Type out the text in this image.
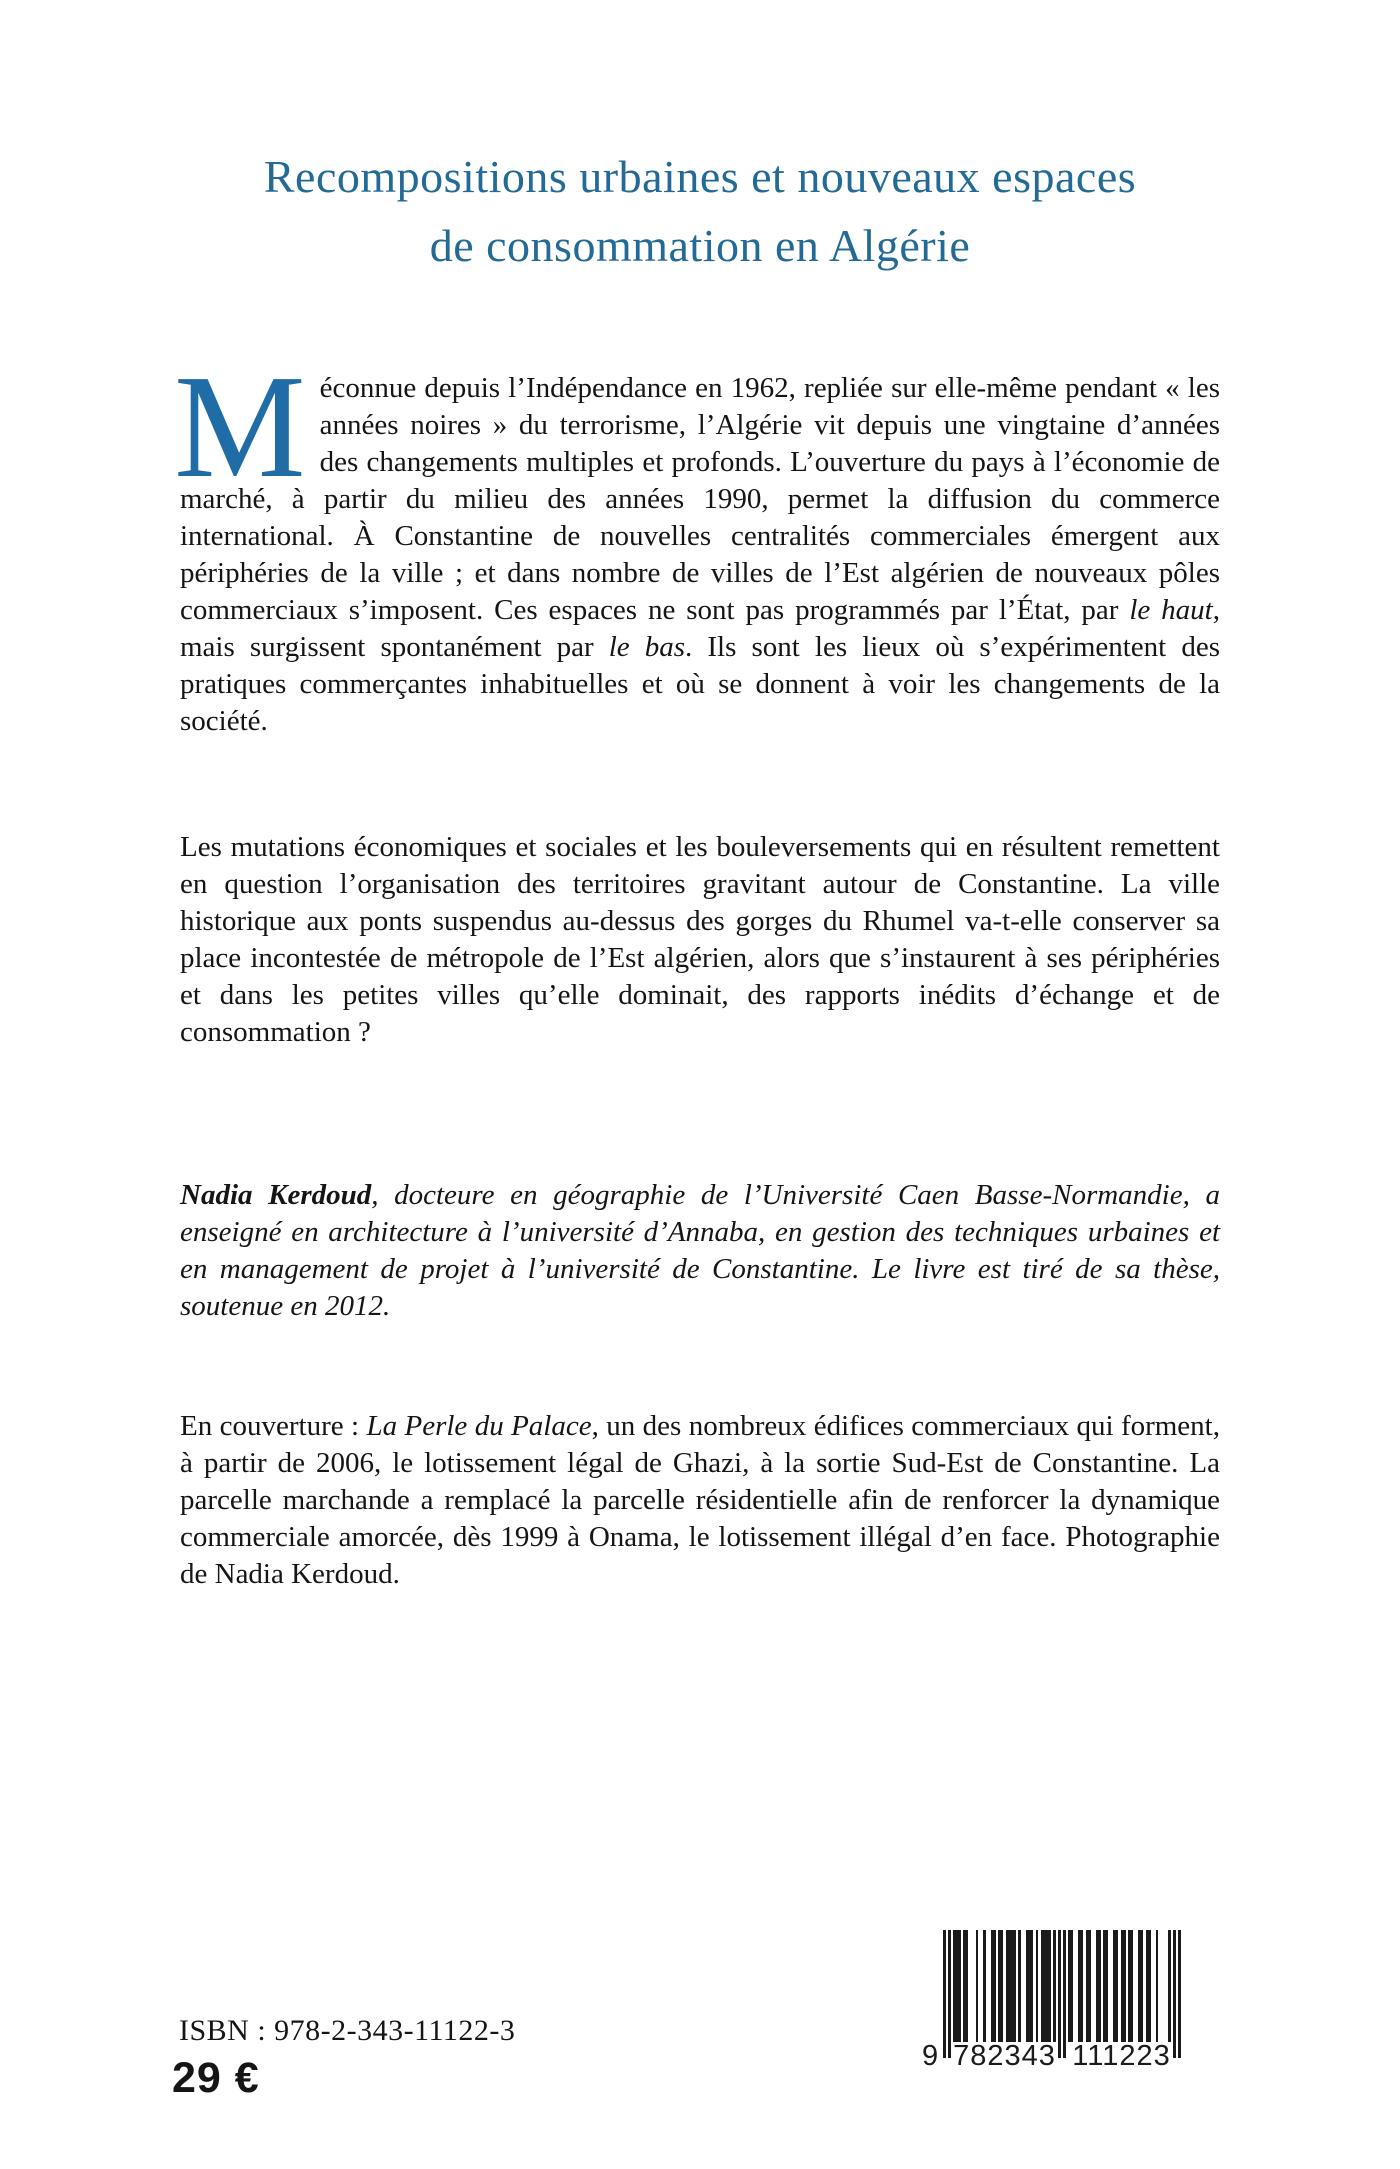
Recompositions urbaines et nouveaux espaces
de consommation en Algérie

Méconnue depuis l’Indépendance en 1962, repliée sur elle-même pendant « les années noires » du terrorisme, l’Algérie vit depuis une vingtaine d’années des changements multiples et profonds. L’ouverture du pays à l’économie de marché, à partir du milieu des années 1990, permet la diffusion du commerce international. À Constantine de nouvelles centralités commerciales émergent aux périphéries de la ville ; et dans nombre de villes de l’Est algérien de nouveaux pôles commerciaux s’imposent. Ces espaces ne sont pas programmés par l’État, par le haut, mais surgissent spontanément par le bas. Ils sont les lieux où s’expérimentent des pratiques commerçantes inhabituelles et où se donnent à voir les changements de la société.

Les mutations économiques et sociales et les bouleversements qui en résultent remettent en question l’organisation des territoires gravitant autour de Constantine. La ville historique aux ponts suspendus au-dessus des gorges du Rhumel va-t-elle conserver sa place incontestée de métropole de l’Est algérien, alors que s’instaurent à ses périphéries et dans les petites villes qu’elle dominait, des rapports inédits d’échange et de consommation ?

Nadia Kerdoud, docteure en géographie de l’Université Caen Basse-Normandie, a enseigné en architecture à l’université d’Annaba, en gestion des techniques urbaines et en management de projet à l’université de Constantine. Le livre est tiré de sa thèse, soutenue en 2012.

En couverture : La Perle du Palace, un des nombreux édifices commerciaux qui forment, à partir de 2006, le lotissement légal de Ghazi, à la sortie Sud-Est de Constantine. La parcelle marchande a remplacé la parcelle résidentielle afin de renforcer la dynamique commerciale amorcée, dès 1999 à Onama, le lotissement illégal d’en face. Photographie de Nadia Kerdoud.

ISBN : 978-2-343-11122-3
29 €	9 782343 111223
